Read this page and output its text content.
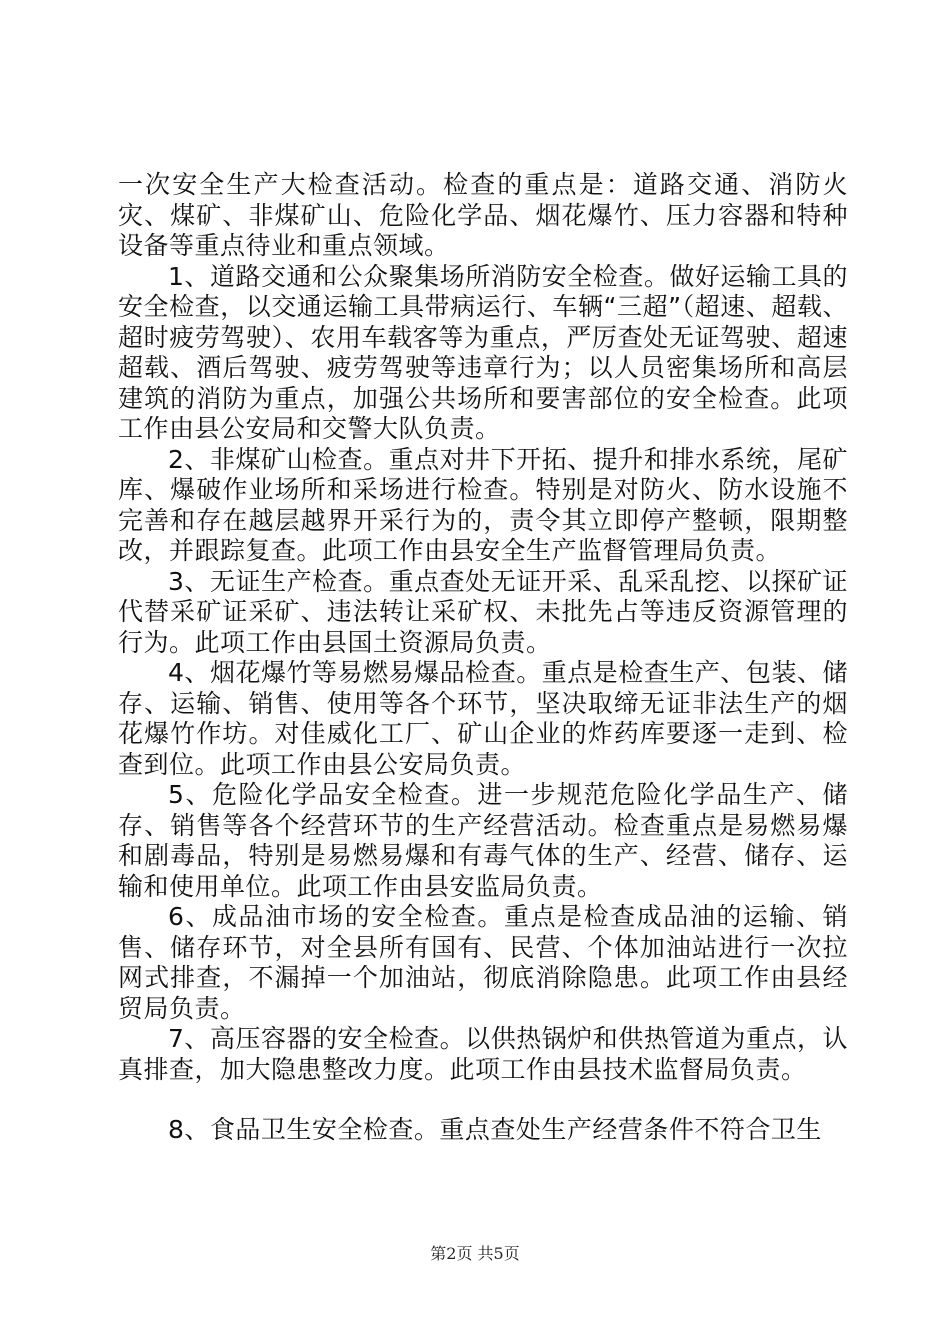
一次安全生产大检查活动。检查的重点是：道路交通、消防火灾、煤矿、非煤矿山、危险化学品、烟花爆竹、压力容器和特种设备等重点待业和重点领域。

1、道路交通和公众聚集场所消防安全检查。做好运输工具的安全检查，以交通运输工具带病运行、车辆“三超”（超速、超载、超时疲劳驾驶）、农用车载客等为重点，严厉查处无证驾驶、超速超载、酒后驾驶、疲劳驾驶等违章行为；以人员密集场所和高层建筑的消防为重点，加强公共场所和要害部位的安全检查。此项工作由县公安局和交警大队负责。

2、非煤矿山检查。重点对井下开拓、提升和排水系统，尾矿库、爆破作业场所和采场进行检查。特别是对防火、防水设施不完善和存在越层越界开采行为的，责令其立即停产整顿，限期整改，并跟踪复查。此项工作由县安全生产监督管理局负责。

3、无证生产检查。重点查处无证开采、乱采乱挖、以探矿证代替采矿证采矿、违法转让采矿权、未批先占等违反资源管理的行为。此项工作由县国土资源局负责。

4、烟花爆竹等易燃易爆品检查。重点是检查生产、包装、储存、运输、销售、使用等各个环节，坚决取缔无证非法生产的烟花爆竹作坊。对佳威化工厂、矿山企业的炸药库要逐一走到、检查到位。此项工作由县公安局负责。

5、危险化学品安全检查。进一步规范危险化学品生产、储存、销售等各个经营环节的生产经营活动。检查重点是易燃易爆和剧毒品，特别是易燃易爆和有毒气体的生产、经营、储存、运输和使用单位。此项工作由县安监局负责。

6、成品油市场的安全检查。重点是检查成品油的运输、销售、储存环节，对全县所有国有、民营、个体加油站进行一次拉网式排查，不漏掉一个加油站，彻底消除隐患。此项工作由县经贸局负责。

7、高压容器的安全检查。以供热锅炉和供热管道为重点，认真排查，加大隐患整改力度。此项工作由县技术监督局负责。

8、食品卫生安全检查。重点查处生产经营条件不符合卫生

第2页 共5页
